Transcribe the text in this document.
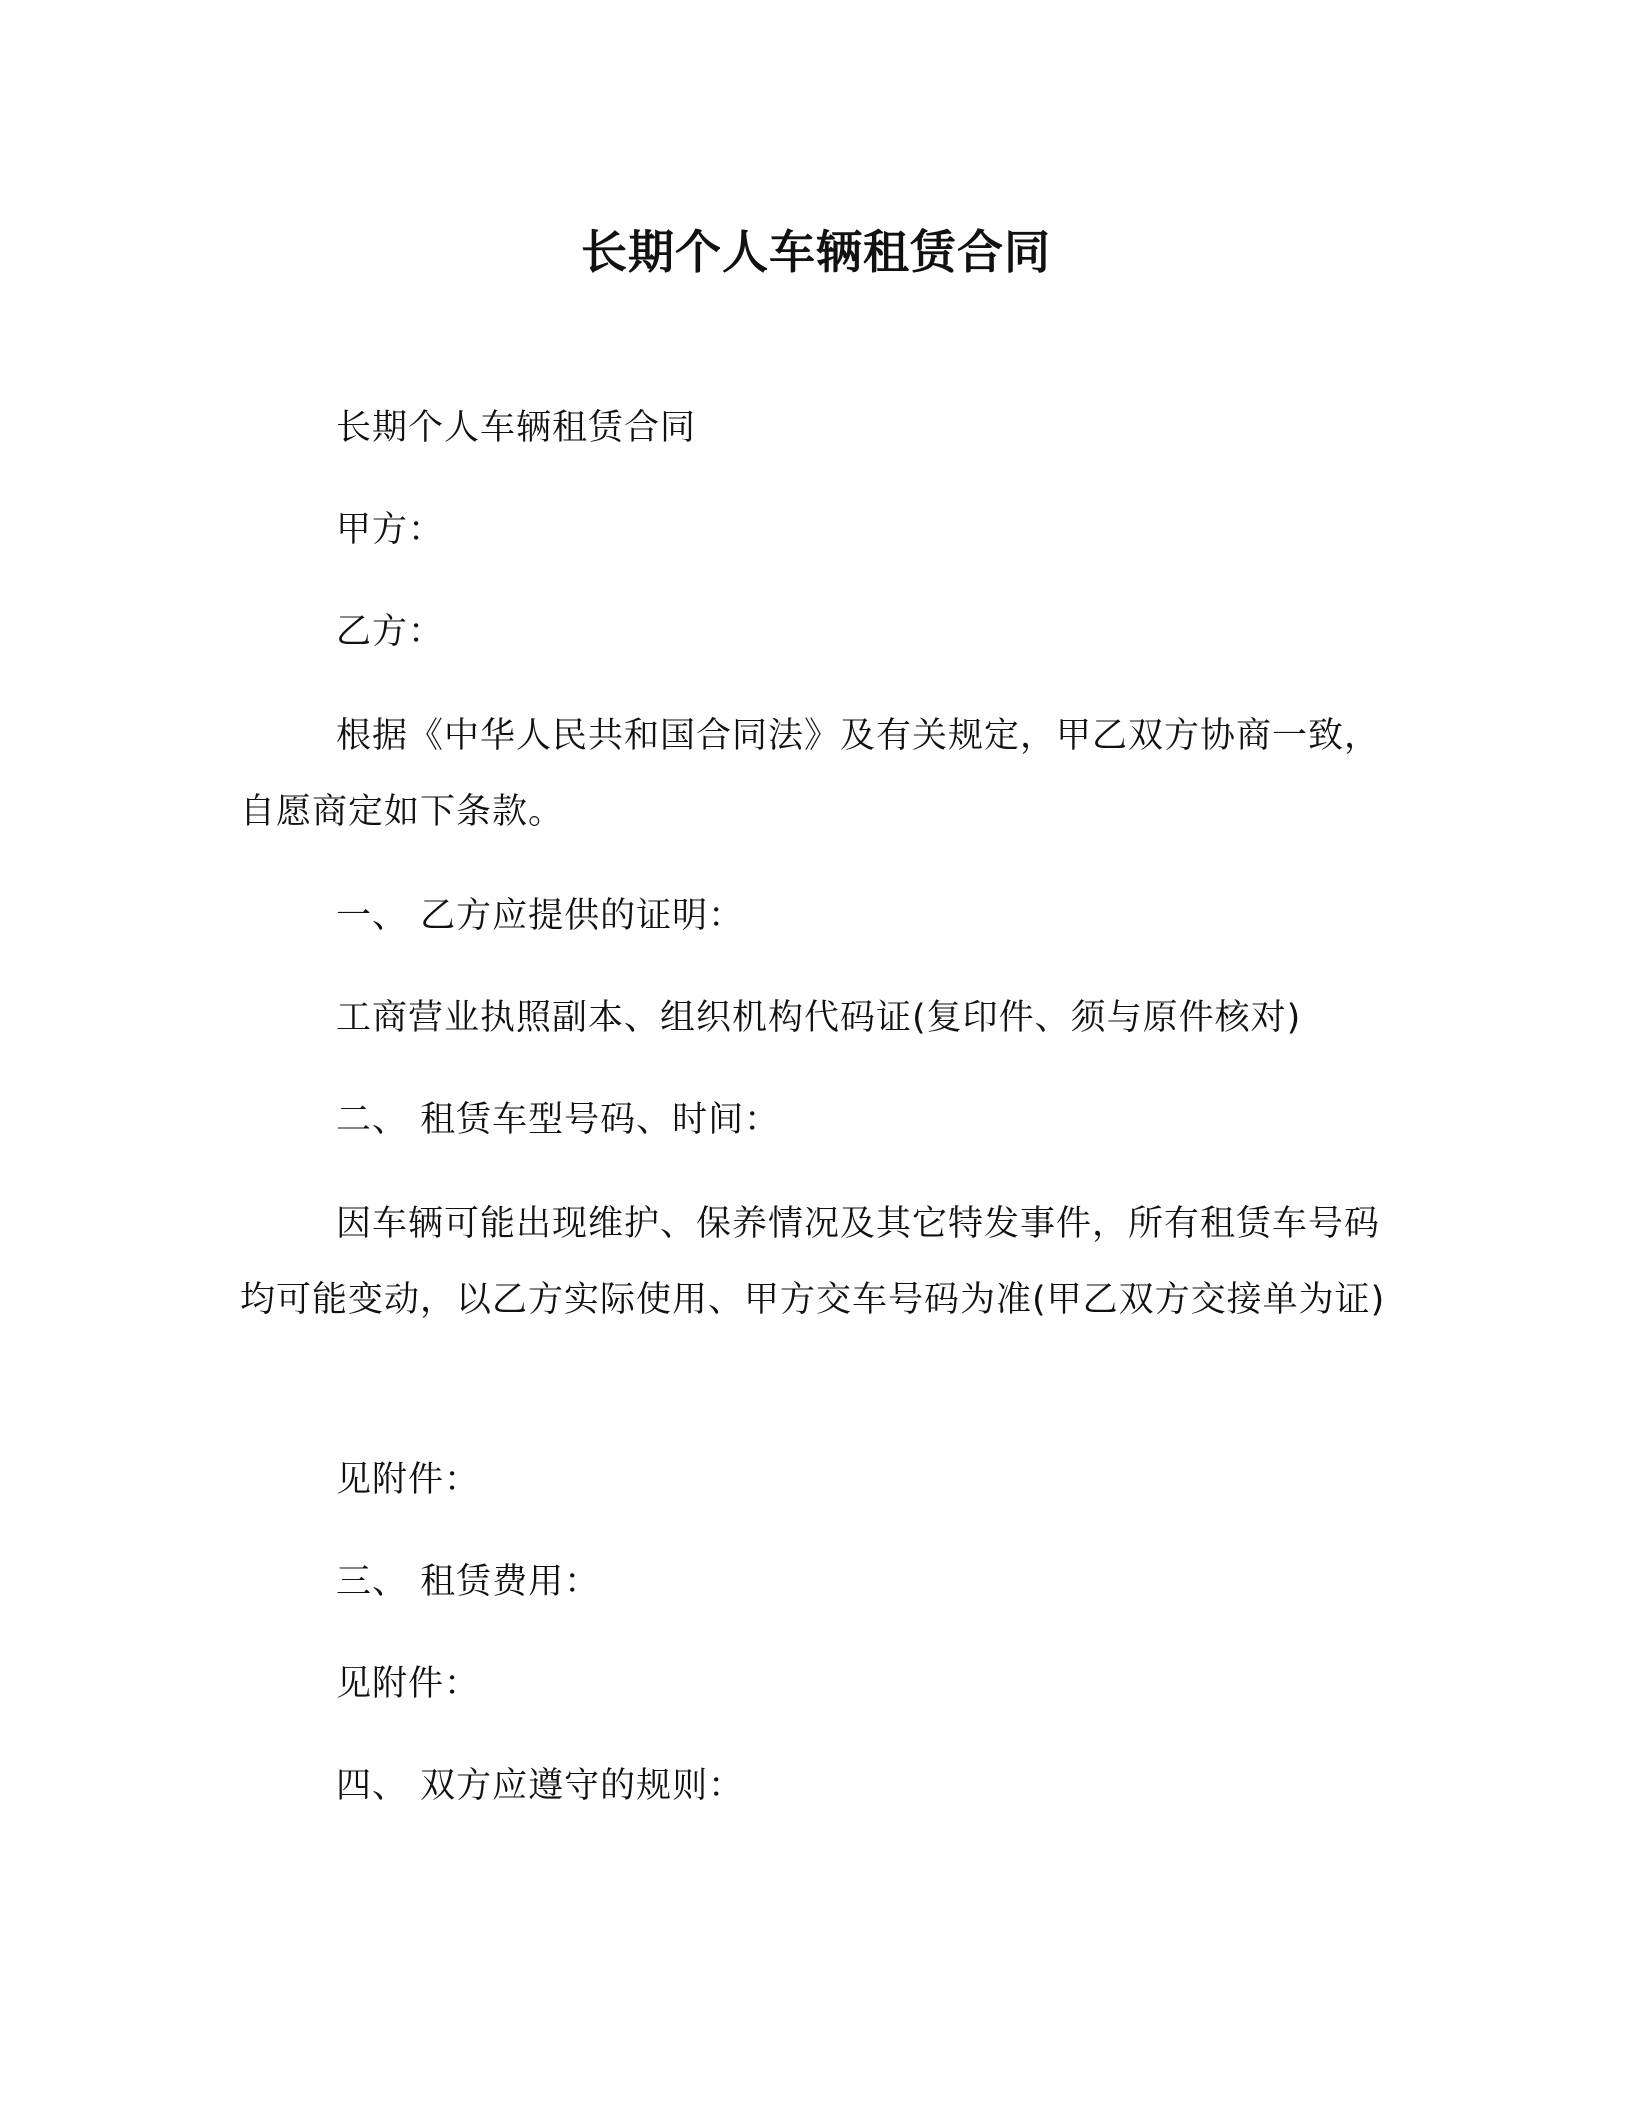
长期个人车辆租赁合同
长期个人车辆租赁合同
甲方：
乙方：
根据《中华人民共和国合同法》及有关规定，甲乙双方协商一致，自愿商定如下条款。
一、 乙方应提供的证明：
工商营业执照副本、组织机构代码证(复印件、须与原件核对)
二、 租赁车型号码、时间：
因车辆可能出现维护、保养情况及其它特发事件，所有租赁车号码均可能变动，以乙方实际使用、甲方交车号码为准(甲乙双方交接单为证)
见附件：
三、 租赁费用：
见附件：
四、 双方应遵守的规则：
